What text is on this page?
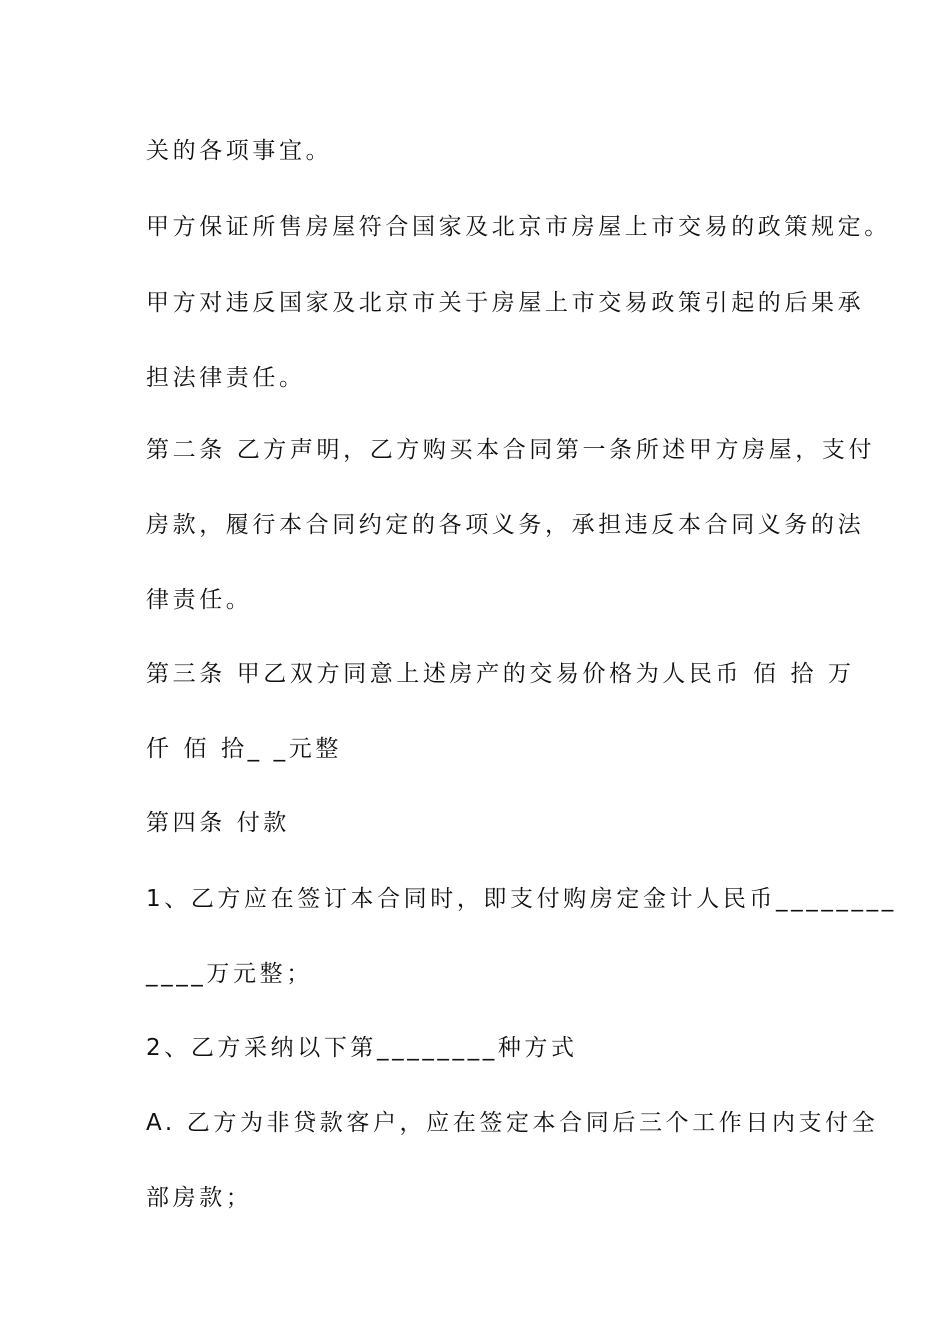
关的各项事宜。
甲方保证所售房屋符合国家及北京市房屋上市交易的政策规定。
甲方对违反国家及北京市关于房屋上市交易政策引起的后果承
担法律责任。
第二条 乙方声明，乙方购买本合同第一条所述甲方房屋，支付
房款，履行本合同约定的各项义务，承担违反本合同义务的法
律责任。
第三条 甲乙双方同意上述房产的交易价格为人民币 佰 拾 万
仟 佰 拾_ _元整
第四条 付款
1、乙方应在签订本合同时，即支付购房定金计人民币________
____万元整；
2、乙方采纳以下第________种方式
A. 乙方为非贷款客户，应在签定本合同后三个工作日内支付全
部房款；
